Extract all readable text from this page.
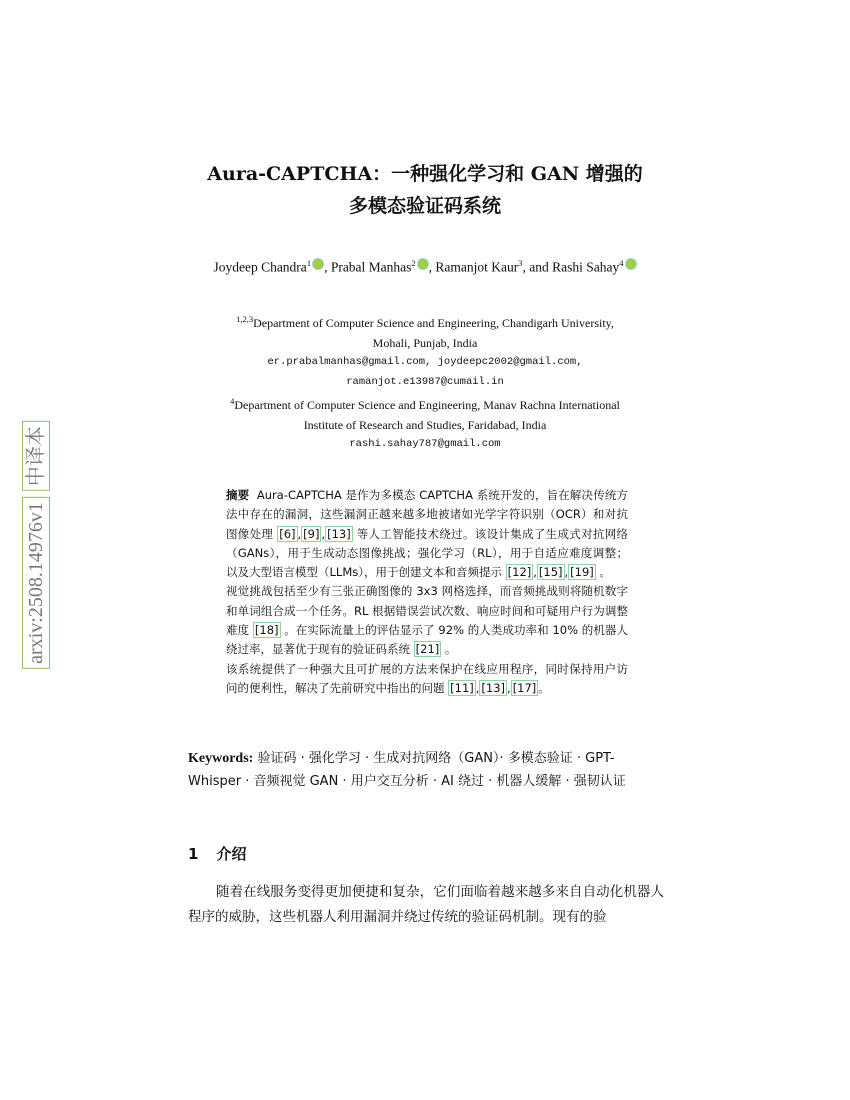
arxiv:2508.14976v1
中译本
Aura-CAPTCHA：一种强化学习和 GAN 增强的
多模态验证码系统
Joydeep Chandra$^1$ , Prabal Manhas$^2$ , Ramanjot Kaur$^3$, and Rashi Sahay$^4$
$^{1,2,3}$Department of Computer Science and Engineering, Chandigarh University,
Mohali, Punjab, India
er.prabalmanhas@gmail.com, joydeepc2002@gmail.com,
ramanjot.e13987@cumail.in
$^4$Department of Computer Science and Engineering, Manav Rachna International
Institute of Research and Studies, Faridabad, India
rashi.sahay787@gmail.com

摘要 Aura-CAPTCHA 是作为多模态 CAPTCHA 系统开发的，旨在解决传统方法中存在的漏洞，这些漏洞正越来越多地被诸如光学字符识别（OCR）和对抗图像处理 [6] , [9] , [13] 等人工智能技术绕过。该设计集成了生成式对抗网络（GANs），用于生成动态图像挑战；强化学习（RL），用于自适应难度调整；以及大型语言模型（LLMs），用于创建文本和音频提示 [12] , [15] , [19] 。

视觉挑战包括至少有三张正确图像的 3x3 网格选择，而音频挑战则将随机数字和单词组合成一个任务。RL 根据错误尝试次数、响应时间和可疑用户行为调整难度 [18] 。在实际流量上的评估显示了 92% 的人类成功率和 10% 的机器人绕过率，显著优于现有的验证码系统 [21] 。

该系统提供了一种强大且可扩展的方法来保护在线应用程序，同时保持用户访问的便利性，解决了先前研究中指出的问题 [11] , [13] , [17] 。

Keywords: 验证码 · 强化学习 · 生成对抗网络（GAN）· 多模态验证 · GPT-Whisper · 音频视觉 GAN · 用户交互分析 · AI 绕过 · 机器人缓解 · 强韧认证
1 介绍
随着在线服务变得更加便捷和复杂，它们面临着越来越多来自自动化机器人程序的威胁，这些机器人利用漏洞并绕过传统的验证码机制。现有的验
